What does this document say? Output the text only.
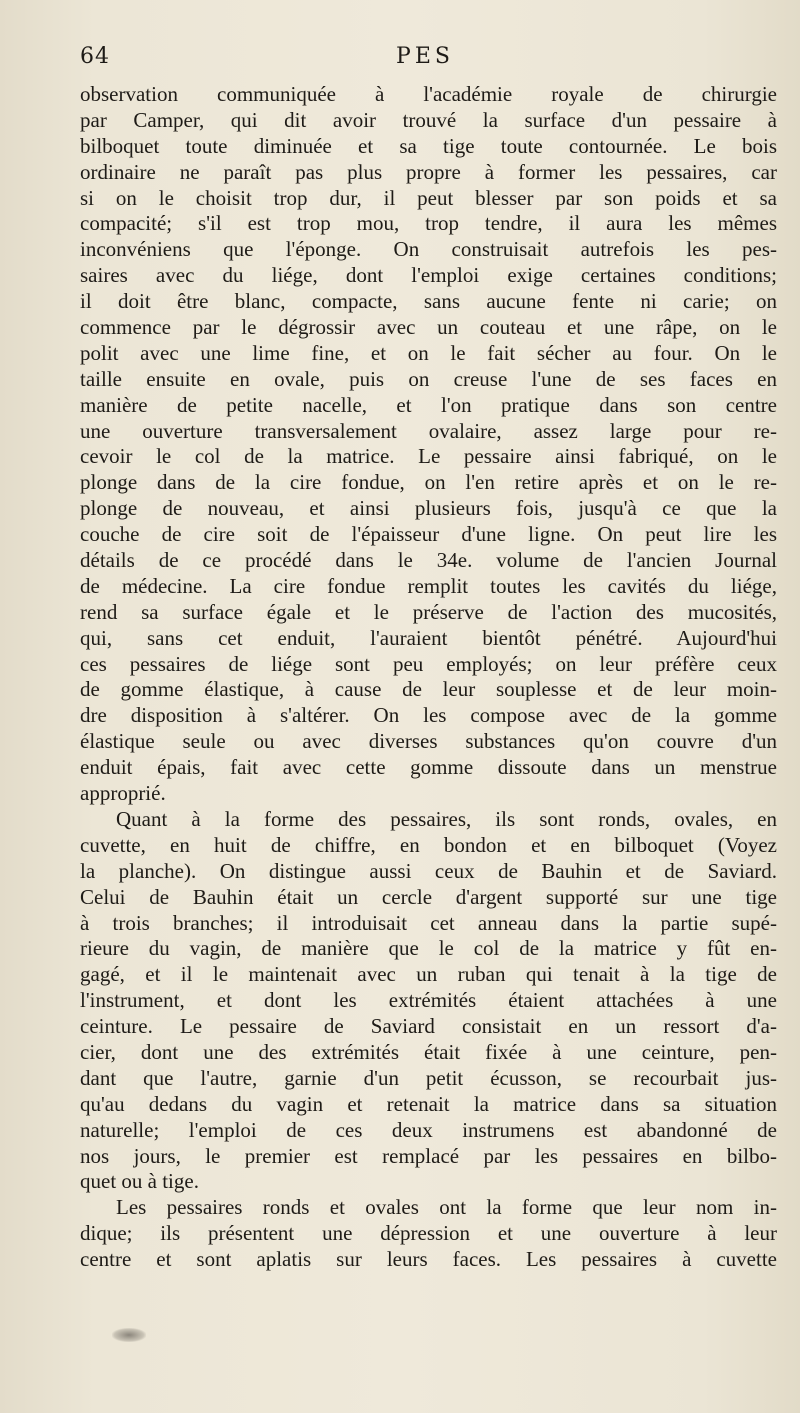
64	PES
observation communiquée à l'académie royale de chirurgie
par Camper, qui dit avoir trouvé la surface d'un pessaire à
bilboquet toute diminuée et sa tige toute contournée. Le bois
ordinaire ne paraît pas plus propre à former les pessaires, car
si on le choisit trop dur, il peut blesser par son poids et sa
compacité; s'il est trop mou, trop tendre, il aura les mêmes
inconvéniens que l'éponge. On construisait autrefois les pes-
saires avec du liége, dont l'emploi exige certaines conditions;
il doit être blanc, compacte, sans aucune fente ni carie; on
commence par le dégrossir avec un couteau et une râpe, on le
polit avec une lime fine, et on le fait sécher au four. On le
taille ensuite en ovale, puis on creuse l'une de ses faces en
manière de petite nacelle, et l'on pratique dans son centre
une ouverture transversalement ovalaire, assez large pour re-
cevoir le col de la matrice. Le pessaire ainsi fabriqué, on le
plonge dans de la cire fondue, on l'en retire après et on le re-
plonge de nouveau, et ainsi plusieurs fois, jusqu'à ce que la
couche de cire soit de l'épaisseur d'une ligne. On peut lire les
détails de ce procédé dans le 34e. volume de l'ancien Journal
de médecine. La cire fondue remplit toutes les cavités du liége,
rend sa surface égale et le préserve de l'action des mucosités,
qui, sans cet enduit, l'auraient bientôt pénétré. Aujourd'hui
ces pessaires de liége sont peu employés; on leur préfère ceux
de gomme élastique, à cause de leur souplesse et de leur moin-
dre disposition à s'altérer. On les compose avec de la gomme
élastique seule ou avec diverses substances qu'on couvre d'un
enduit épais, fait avec cette gomme dissoute dans un menstrue
approprié.
Quant à la forme des pessaires, ils sont ronds, ovales, en
cuvette, en huit de chiffre, en bondon et en bilboquet (Voyez
la planche). On distingue aussi ceux de Bauhin et de Saviard.
Celui de Bauhin était un cercle d'argent supporté sur une tige
à trois branches; il introduisait cet anneau dans la partie supé-
rieure du vagin, de manière que le col de la matrice y fût en-
gagé, et il le maintenait avec un ruban qui tenait à la tige de
l'instrument, et dont les extrémités étaient attachées à une
ceinture. Le pessaire de Saviard consistait en un ressort d'a-
cier, dont une des extrémités était fixée à une ceinture, pen-
dant que l'autre, garnie d'un petit écusson, se recourbait jus-
qu'au dedans du vagin et retenait la matrice dans sa situation
naturelle; l'emploi de ces deux instrumens est abandonné de
nos jours, le premier est remplacé par les pessaires en bilbo-
quet ou à tige.
Les pessaires ronds et ovales ont la forme que leur nom in-
dique; ils présentent une dépression et une ouverture à leur
centre et sont aplatis sur leurs faces. Les pessaires à cuvette
